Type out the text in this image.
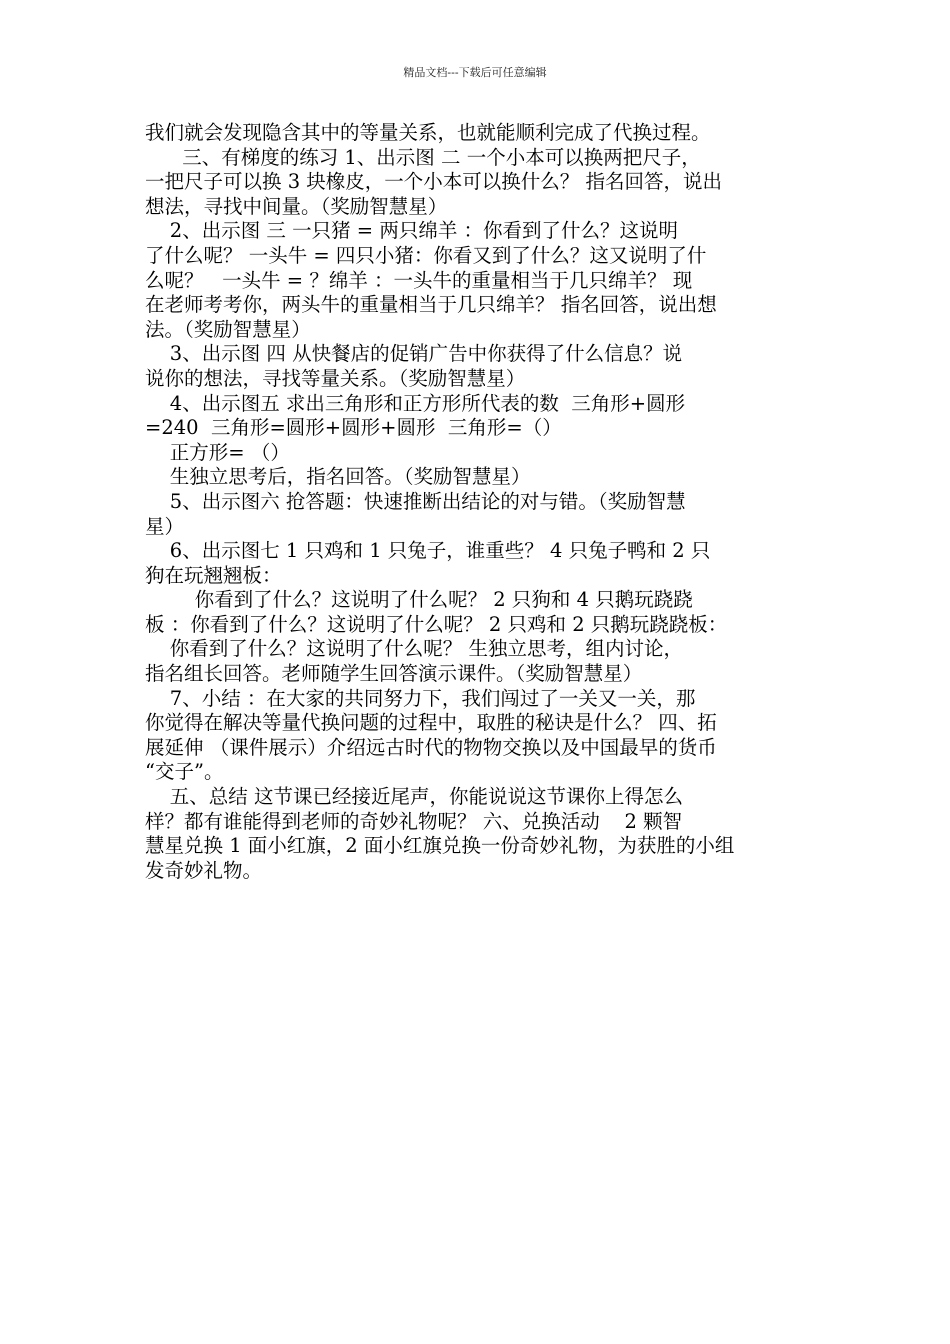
精品文档---下载后可任意编辑
我们就会发现隐含其中的等量关系，也就能顺利完成了代换过程。
三、有梯度的练习 1、出示图 二 一个小本可以换两把尺子，
一把尺子可以换 3 块橡皮，一个小本可以换什么？ 指名回答，说出
想法，寻找中间量。（奖励智慧星）
2、出示图 三 一只猪 = 两只绵羊 ：你看到了什么？这说明
了什么呢？ 一头牛 = 四只小猪：你看又到了什么？这又说明了什
么呢？   一头牛 = ？绵羊 ：一头牛的重量相当于几只绵羊？ 现
在老师考考你，两头牛的重量相当于几只绵羊？ 指名回答，说出想
法。（奖励智慧星）
3、出示图 四 从快餐店的促销广告中你获得了什么信息？说
说你的想法，寻找等量关系。（奖励智慧星）
4、出示图五 求出三角形和正方形所代表的数  三角形+圆形
=240  三角形=圆形+圆形+圆形  三角形=（）
正方形= （）
生独立思考后，指名回答。（奖励智慧星）
5、出示图六 抢答题：快速推断出结论的对与错。（奖励智慧
星）
6、出示图七 1 只鸡和 1 只兔子，谁重些？ 4 只兔子鸭和 2 只
狗在玩翘翘板：
你看到了什么？这说明了什么呢？ 2 只狗和 4 只鹅玩跷跷
板 ：你看到了什么？这说明了什么呢？ 2 只鸡和 2 只鹅玩跷跷板：
你看到了什么？这说明了什么呢？ 生独立思考，组内讨论，
指名组长回答。老师随学生回答演示课件。（奖励智慧星）
7、小结 ：在大家的共同努力下，我们闯过了一关又一关，那
你觉得在解决等量代换问题的过程中，取胜的秘诀是什么？ 四、拓
展延伸 （课件展示）介绍远古时代的物物交换以及中国最早的货币
“交子”。
五、总结 这节课已经接近尾声，你能说说这节课你上得怎么
样？都有谁能得到老师的奇妙礼物呢？ 六、兑换活动    2 颗智
慧星兑换 1 面小红旗，2 面小红旗兑换一份奇妙礼物，为获胜的小组
发奇妙礼物。
